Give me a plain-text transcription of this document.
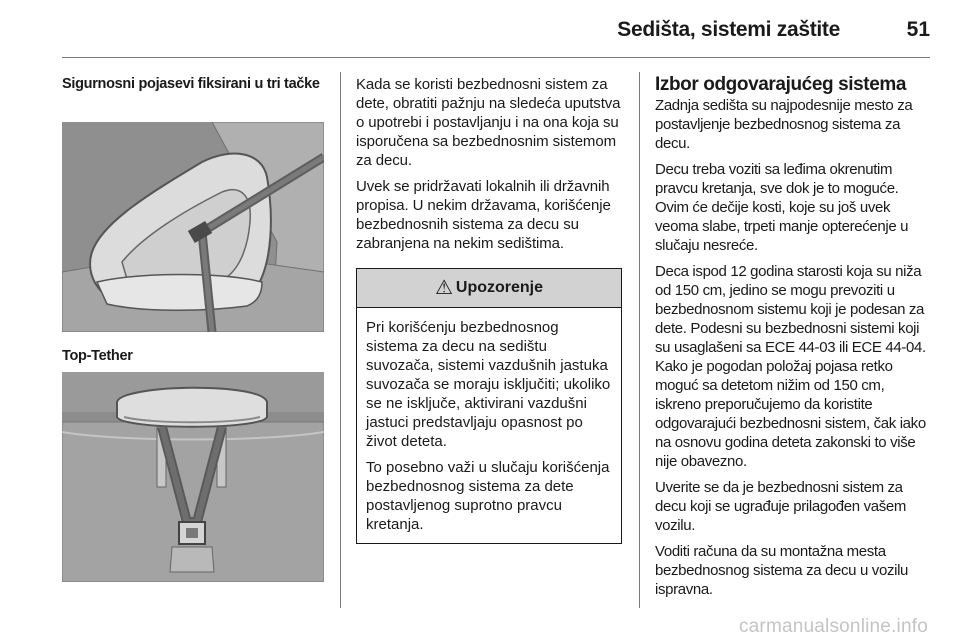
Sedišta, sistemi zaštite	51
Sigurnosni pojasevi fiksirani u tri tačke
Top-Tether

Kada se koristi bezbednosni sistem za dete, obratiti pažnju na sledeća uputstva o upotrebi i postavljanju i na ona koja su isporučena sa bezbednosnim sistemom za decu.

Uvek se pridržavati lokalnih ili državnih propisa. U nekim državama, korišćenje bezbednosnih sistema za decu su zabranjena na nekim sedištima.

⚠ Upozorenje

Pri korišćenju bezbednosnog sistema za decu na sedištu suvozača, sistemi vazdušnih jastuka suvozača se moraju isključiti; ukoliko se ne isključe, aktivirani vazdušni jastuci predstavljaju opasnost po život deteta.

To posebno važi u slučaju korišćenja bezbednosnog sistema za dete postavljenog suprotno pravcu kretanja.

Izbor odgovarajućeg sistema

Zadnja sedišta su najpodesnije mesto za postavljenje bezbednosnog sistema za decu.

Decu treba voziti sa leđima okrenutim pravcu kretanja, sve dok je to moguće. Ovim će dečije kosti, koje su još uvek veoma slabe, trpeti manje opterećenje u slučaju nesreće.

Deca ispod 12 godina starosti koja su niža od 150 cm, jedino se mogu prevoziti u bezbednosnom sistemu koji je podesan za dete. Podesni su bezbednosni sistemi koji su usaglašeni sa ECE 44-03 ili ECE 44-04. Kako je pogodan položaj pojasa retko moguć sa detetom nižim od 150 cm, iskreno preporučujemo da koristite odgovarajući bezbednosni sistem, čak iako na osnovu godina deteta zakonski to više nije obavezno.

Uverite se da je bezbednosni sistem za decu koji se ugrađuje prilagođen vašem vozilu.

Voditi računa da su montažna mesta bezbednosnog sistema za decu u vozilu ispravna.

carmanualsonline.info
